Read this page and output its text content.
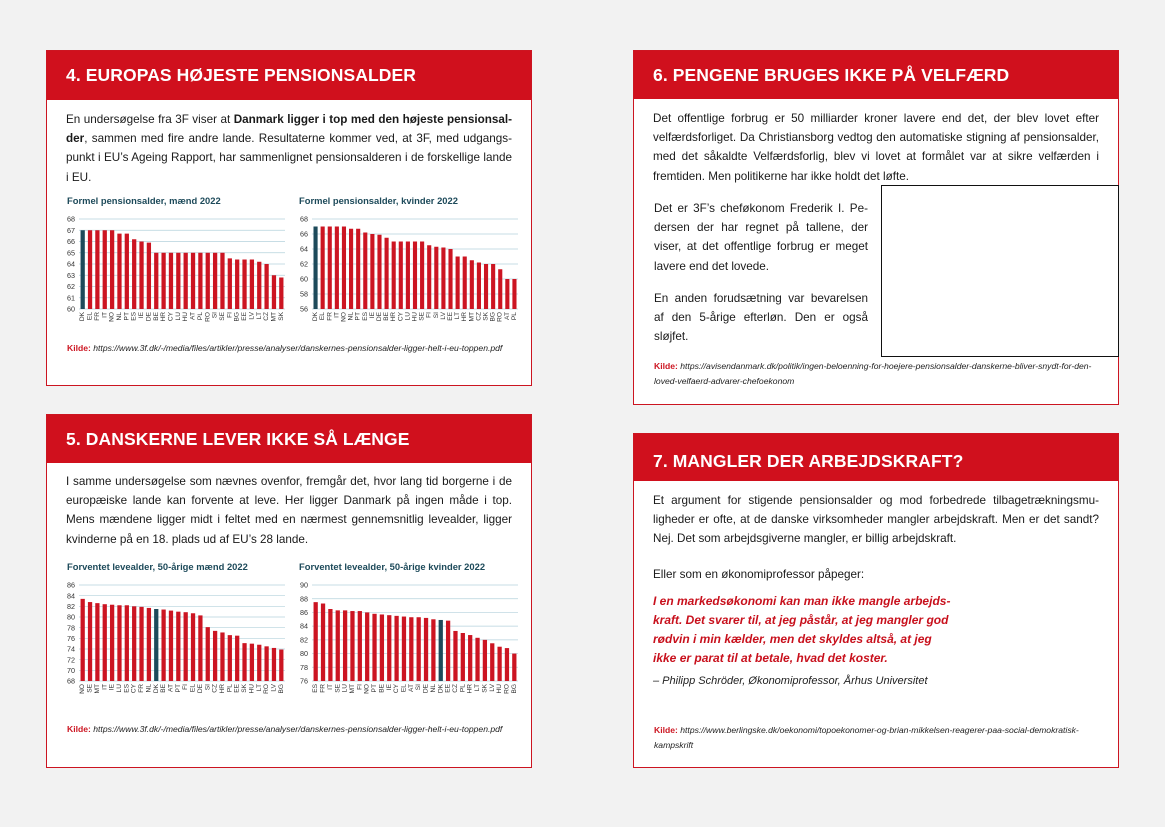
4. EUROPAS HØJESTE PENSIONSALDER

En undersøgelse fra 3F viser at Danmark ligger i top med den højeste pensionsalder, sammen med fire andre lande. Resultaterne kommer ved, at 3F, med udgangspunkt i EU’s Ageing Rapport, har sammenlignet pensionsalderen i de forskellige lande i EU.

Formel pensionsalder, mænd 2022	Formel pensionsalder, kvinder 2022
60
61
62
63
64
65
66
67
68
DK EL FR IT NO NL PT ES IE DE BE HR CY LU HU AT PL RO SI SE FI BG EE LV LT CZ MT SK
56
58
60
62
64
66
68
DK EL FR IT NO NL PT ES IE DE BE HR CY LU HU SE FI SI LV EE LT HR MT CZ SK BG RO AT PL
Kilde: https://www.3f.dk/-/media/files/artikler/presse/analyser/danskernes-pensionsalder-ligger-helt-i-eu-toppen.pdf
5. DANSKERNE LEVER IKKE SÅ LÆNGE

I samme undersøgelse som nævnes ovenfor, fremgår det, hvor lang tid borgerne i de europæiske lande kan forvente at leve. Her ligger Danmark på ingen måde i top. Mens mændene ligger midt i feltet med en nærmest gennemsnitlig levealder, ligger kvinderne på en 18. plads ud af EU’s 28 lande.

Forventet levealder, 50-årige mænd 2022	Forventet levealder, 50-årige kvinder 2022
68
70
72
74
76
78
80
82
84
86
NO SE MT IT IE LU ES CY FR NL DK BE AT PT FI EL DE SI CZ HR PL EE SK HU LT RO LV BG
76
78
80
82
84
86
88
90
ES FR IT SE LU MT FI NO PT BE IE CY EL AT SI DE NL DK EE CZ PL HR LT SK LV HU RO BG
Kilde: https://www.3f.dk/-/media/files/artikler/presse/analyser/danskernes-pensionsalder-ligger-helt-i-eu-toppen.pdf
6. PENGENE BRUGES IKKE PÅ VELFÆRD

Det offentlige forbrug er 50 milliarder kroner lavere end det, der blev lovet efter velfærdsforliget. Da Christiansborg vedtog den automatiske stigning af pensionsalder, med det såkaldte Velfærdsforlig, blev vi lovet at formålet var at sikre velfærden i fremtiden. Men politikerne har ikke holdt det løfte.

Det er 3F’s cheføkonom Frederik I. Pedersen der har regnet på tallene, der viser, at det offentlige forbrug er meget lavere end det lovede.

En anden forudsætning var bevarelsen af den 5-årige efterløn. Den er også sløjfet.

Kilde: https://avisendanmark.dk/politik/ingen-beloenning-for-hoejere-pensionsalder-danskerne-bliver-snydt-for-den-loved-velfaerd-advarer-chefoekonom
7. MANGLER DER ARBEJDSKRAFT?

Et argument for stigende pensionsalder og mod forbedrede tilbagetrækningsmuligheder er ofte, at de danske virksomheder mangler arbejdskraft. Men er det sandt? Nej. Det som arbejdsgiverne mangler, er billig arbejdskraft.

Eller som en økonomiprofessor påpeger:

I en markedsøkonomi kan man ikke mangle arbejds-
kraft. Det svarer til, at jeg påstår, at jeg mangler god
rødvin i min kælder, men det skyldes altså, at jeg
ikke er parat til at betale, hvad det koster.

– Philipp Schröder, Økonomiprofessor, Århus Universitet

Kilde: https://www.berlingske.dk/oekonomi/topoekonomer-og-brian-mikkelsen-reagerer-paa-social-demokratisk-kampskrift
